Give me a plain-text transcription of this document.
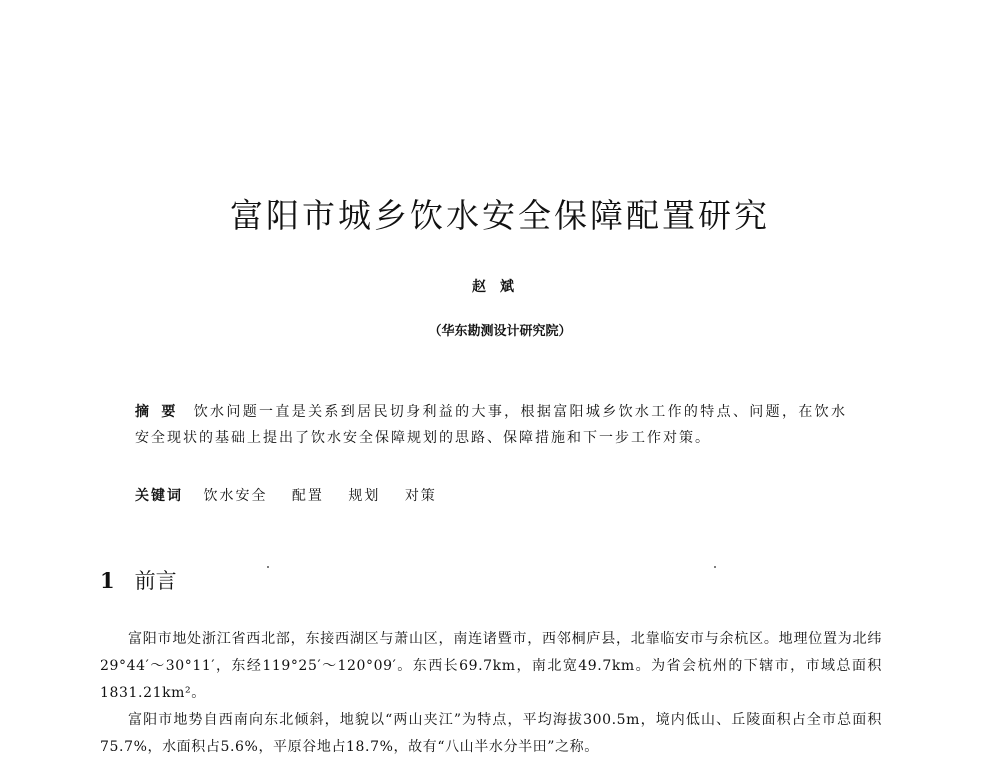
富阳市城乡饮水安全保障配置研究
赵斌
（华东勘测设计研究院）
摘要 饮水问题一直是关系到居民切身利益的大事，根据富阳城乡饮水工作的特点、问题，在饮水安全现状的基础上提出了饮水安全保障规划的思路、保障措施和下一步工作对策。
关键词 饮水安全 配置 规划 对策
1 前言

富阳市地处浙江省西北部，东接西湖区与萧山区，南连诸暨市，西邻桐庐县，北靠临安市与余杭区。地理位置为北纬29°44′～30°11′，东经119°25′～120°09′。东西长69.7km，南北宽49.7km。为省会杭州的下辖市，市域总面积1831.21km²。

富阳市地势自西南向东北倾斜，地貌以“两山夹江”为特点，平均海拔300.5m，境内低山、丘陵面积占全市总面积75.7%，水面积占5.6%，平原谷地占18.7%，故有“八山半水分半田”之称。
